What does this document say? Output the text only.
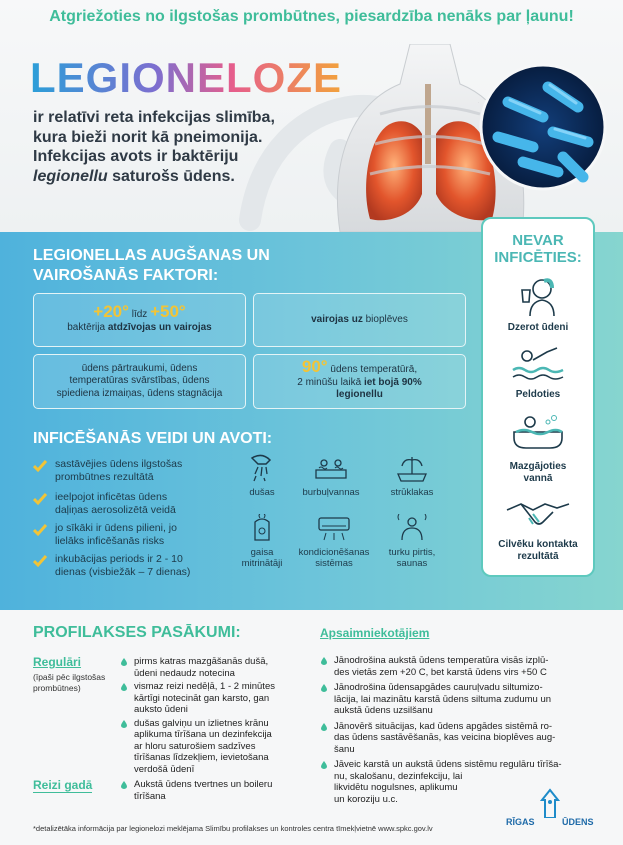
Atgriežoties no ilgstošas prombūtnes, piesardzība nenāks par ļaunu!
LEGIONELOZE
ir relatīvi reta infekcijas slimība,
kura bieži norit kā pneimonija.
Infekcijas avots ir baktēriju
legionellu saturošs ūdens.
LEGIONELLAS AUGŠANAS UN
VAIROŠANĀS FAKTORI:
+20° līdz +50°
baktērija atdzīvojas un vairojas
vairojas uz bioplēves
ūdens pārtraukumi, ūdens
temperatūras svārstības, ūdens
spiediena izmaiņas, ūdens stagnācija
90° ūdens temperatūrā,
2 minūšu laikā iet bojā 90%
legionellu
INFICĒŠANĀS VEIDI UN AVOTI:
sastāvējies ūdens ilgstošas
prombūtnes rezultātā
ieelpojot inficētas ūdens
daļiņas aerosolizētā veidā
jo sīkāki ir ūdens pilieni, jo
lielāks inficēšanās risks
inkubācijas periods ir 2 - 10
dienas (visbiežāk – 7 dienas)
dušas	burbuļvannas	strūklakas
gaisa
mitrinātāji
kondicionēšanas
sistēmas
turku pirtis,
saunas
NEVAR
INFICĒTIES:
Dzerot ūdeni
Peldoties
Mazgājoties
vannā
Cilvēku kontakta
rezultātā
PROFILAKSES PASĀKUMI:
Regulāri
(īpaši pēc ilgstošas
prombūtnes)
pirms katras mazgāšanās dušā,
ūdeni nedaudz notecina
vismaz reizi nedēļā, 1 - 2 minūtes
kārtīgi notecināt gan karsto, gan
auksto ūdeni
dušas galviņu un izlietnes krānu
aplikuma tīrīšana un dezinfekcija
ar hloru saturošiem sadzīves
tīrīšanas līdzekļiem, ievietošana
verdošā ūdenī
Reizi gadā	Aukstā ūdens tvertnes un boileru
tīrīšana
Apsaimniekotājiem
Jānodrošina aukstā ūdens temperatūra visās izplū-
des vietās zem +20 C, bet karstā ūdens virs +50 C
Jānodrošina ūdensapgādes cauruļvadu siltumizo-
lācija, lai mazinātu karstā ūdens siltuma zudumu un
aukstā ūdens uzsilšanu
Jānovērš situācijas, kad ūdens apgādes sistēmā ro-
das ūdens sastāvēšanās, kas veicina bioplēves aug-
šanu
Jāveic karstā un aukstā ūdens sistēmu regulāru tīrīša-
nu, skalošanu, dezinfekciju, lai
likvidētu nogulsnes, aplikumu
un koroziju u.c.
RĪGAS	ŪDENS
*detalizētāka informācija par legionelozi meklējama Slimību profilakses un kontroles centra tīmekļvietnē www.spkc.gov.lv
